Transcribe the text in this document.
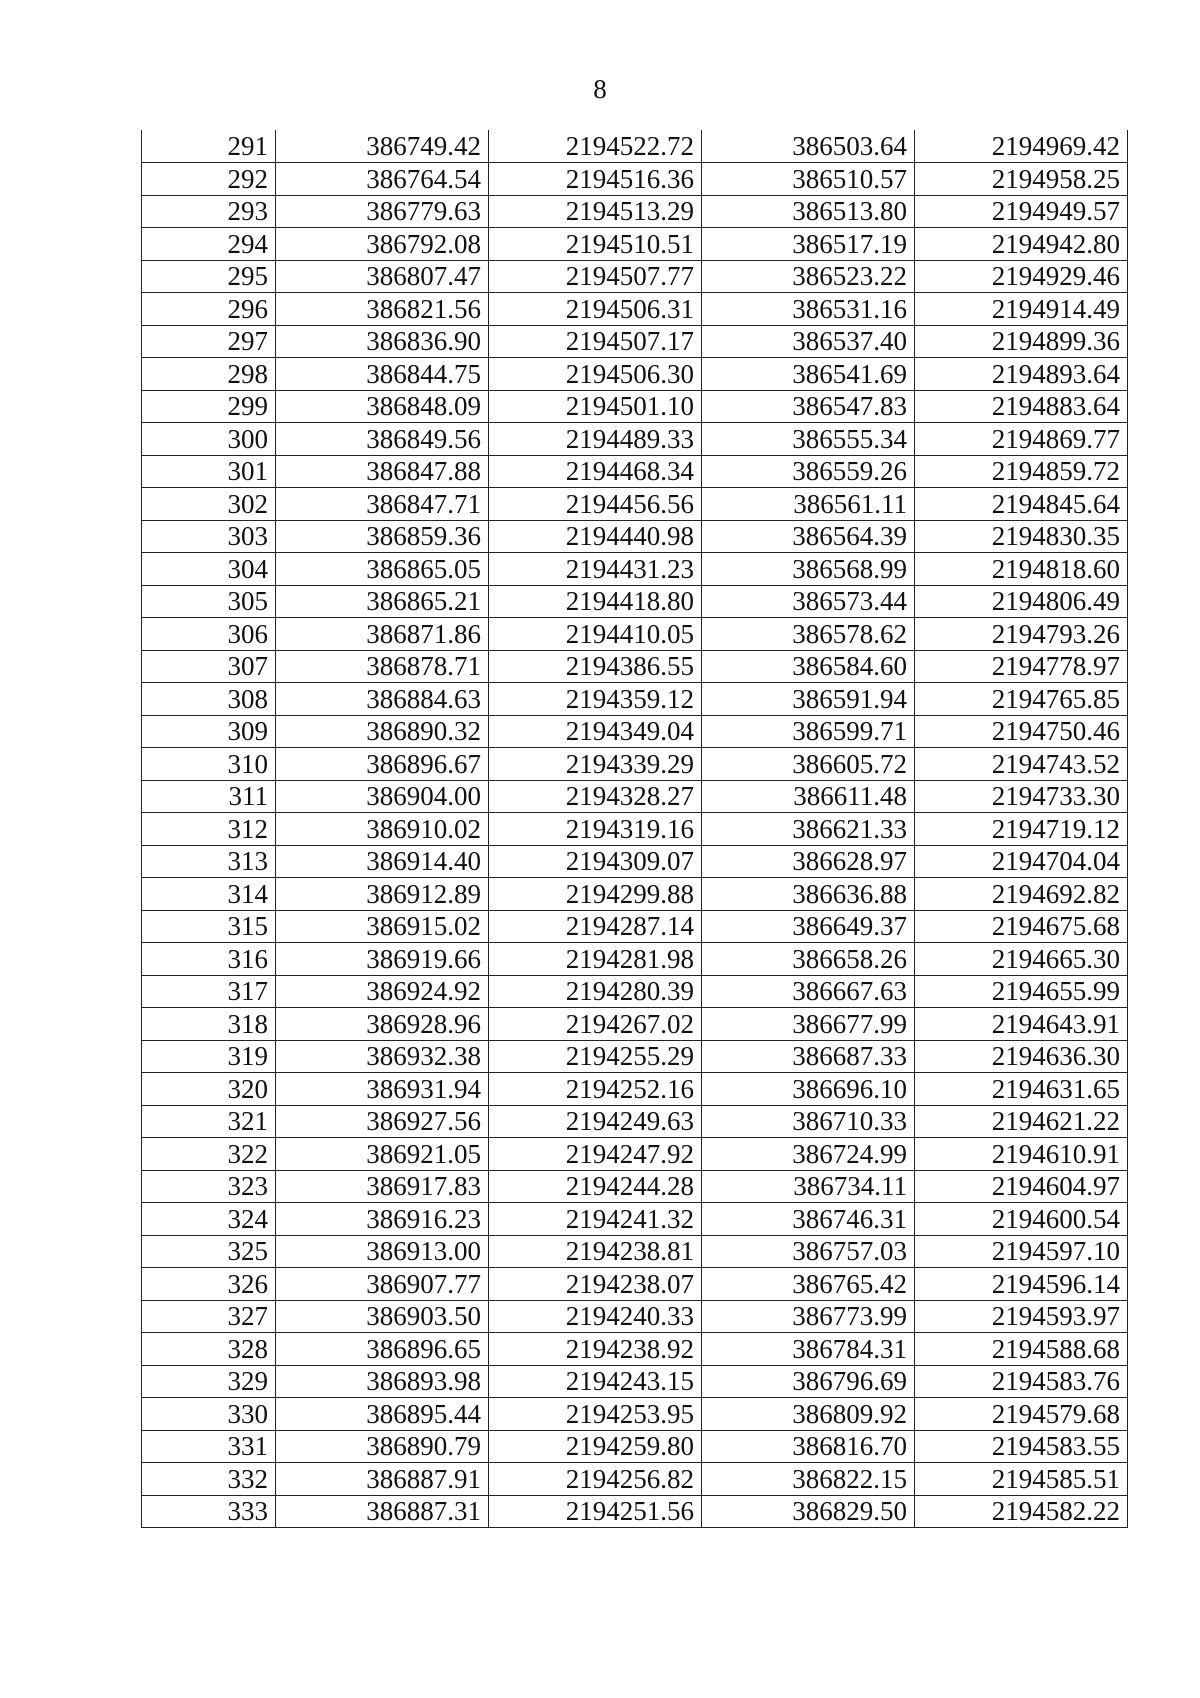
8
291	386749.42	2194522.72	386503.64	2194969.42
292	386764.54	2194516.36	386510.57	2194958.25
293	386779.63	2194513.29	386513.80	2194949.57
294	386792.08	2194510.51	386517.19	2194942.80
295	386807.47	2194507.77	386523.22	2194929.46
296	386821.56	2194506.31	386531.16	2194914.49
297	386836.90	2194507.17	386537.40	2194899.36
298	386844.75	2194506.30	386541.69	2194893.64
299	386848.09	2194501.10	386547.83	2194883.64
300	386849.56	2194489.33	386555.34	2194869.77
301	386847.88	2194468.34	386559.26	2194859.72
302	386847.71	2194456.56	386561.11	2194845.64
303	386859.36	2194440.98	386564.39	2194830.35
304	386865.05	2194431.23	386568.99	2194818.60
305	386865.21	2194418.80	386573.44	2194806.49
306	386871.86	2194410.05	386578.62	2194793.26
307	386878.71	2194386.55	386584.60	2194778.97
308	386884.63	2194359.12	386591.94	2194765.85
309	386890.32	2194349.04	386599.71	2194750.46
310	386896.67	2194339.29	386605.72	2194743.52
311	386904.00	2194328.27	386611.48	2194733.30
312	386910.02	2194319.16	386621.33	2194719.12
313	386914.40	2194309.07	386628.97	2194704.04
314	386912.89	2194299.88	386636.88	2194692.82
315	386915.02	2194287.14	386649.37	2194675.68
316	386919.66	2194281.98	386658.26	2194665.30
317	386924.92	2194280.39	386667.63	2194655.99
318	386928.96	2194267.02	386677.99	2194643.91
319	386932.38	2194255.29	386687.33	2194636.30
320	386931.94	2194252.16	386696.10	2194631.65
321	386927.56	2194249.63	386710.33	2194621.22
322	386921.05	2194247.92	386724.99	2194610.91
323	386917.83	2194244.28	386734.11	2194604.97
324	386916.23	2194241.32	386746.31	2194600.54
325	386913.00	2194238.81	386757.03	2194597.10
326	386907.77	2194238.07	386765.42	2194596.14
327	386903.50	2194240.33	386773.99	2194593.97
328	386896.65	2194238.92	386784.31	2194588.68
329	386893.98	2194243.15	386796.69	2194583.76
330	386895.44	2194253.95	386809.92	2194579.68
331	386890.79	2194259.80	386816.70	2194583.55
332	386887.91	2194256.82	386822.15	2194585.51
333	386887.31	2194251.56	386829.50	2194582.22
